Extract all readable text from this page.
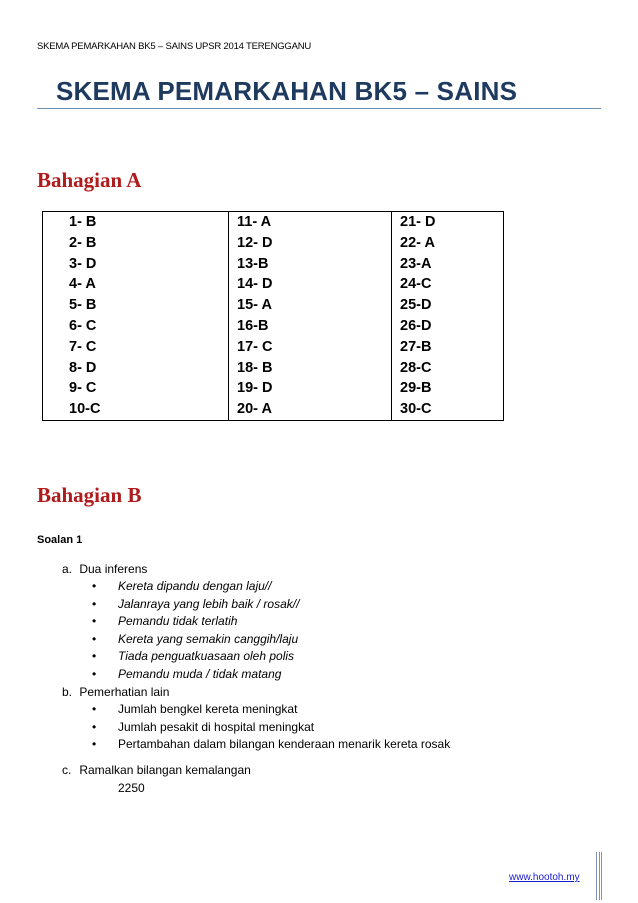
SKEMA PEMARKAHAN BK5 – SAINS UPSR 2014 TERENGGANU
SKEMA PEMARKAHAN BK5 – SAINS
Bahagian A
1- B	11- A	21- D
2- B	12- D	22- A
3- D	13-B	23-A
4- A	14- D	24-C
5- B	15- A	25-D
6- C	16-B	26-D
7- C	17- C	27-B
8- D	18- B	28-C
9- C	19- D	29-B
10-C	20- A	30-C
Bahagian B
Soalan 1
a. Dua inferens
• Kereta dipandu dengan laju//
• Jalanraya yang lebih baik / rosak//
• Pemandu tidak terlatih
• Kereta yang semakin canggih/laju
• Tiada penguatkuasaan oleh polis
• Pemandu muda / tidak matang
b. Pemerhatian lain
• Jumlah bengkel kereta meningkat
• Jumlah pesakit di hospital meningkat
• Pertambahan dalam bilangan kenderaan menarik kereta rosak
c. Ramalkan bilangan kemalangan
2250
www.hootoh.my
